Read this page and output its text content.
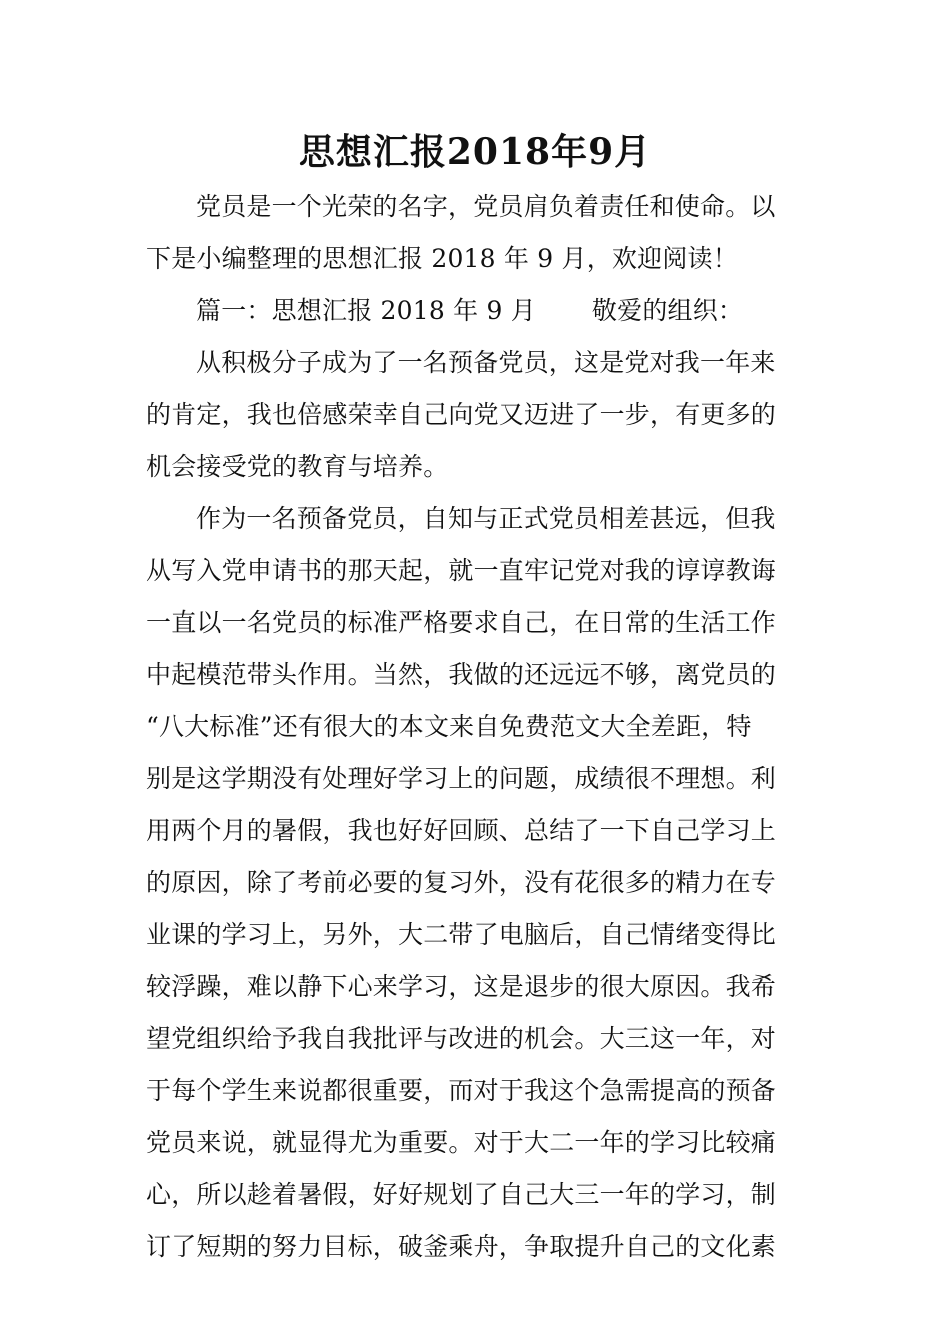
思想汇报2018年9月
党员是一个光荣的名字，党员肩负着责任和使命。以
下是小编整理的思想汇报 2018 年 9 月，欢迎阅读！
篇一：思想汇报 2018 年 9 月 敬爱的组织：
从积极分子成为了一名预备党员，这是党对我一年来
的肯定，我也倍感荣幸自己向党又迈进了一步，有更多的
机会接受党的教育与培养。
作为一名预备党员，自知与正式党员相差甚远，但我
从写入党申请书的那天起，就一直牢记党对我的谆谆教诲
一直以一名党员的标准严格要求自己，在日常的生活工作
中起模范带头作用。当然，我做的还远远不够，离党员的
“八大标准”还有很大的本文来自免费范文大全差距，特
别是这学期没有处理好学习上的问题，成绩很不理想。利
用两个月的暑假，我也好好回顾、总结了一下自己学习上
的原因，除了考前必要的复习外，没有花很多的精力在专
业课的学习上，另外，大二带了电脑后，自己情绪变得比
较浮躁，难以静下心来学习，这是退步的很大原因。我希
望党组织给予我自我批评与改进的机会。大三这一年，对
于每个学生来说都很重要，而对于我这个急需提高的预备
党员来说，就显得尤为重要。对于大二一年的学习比较痛
心，所以趁着暑假，好好规划了自己大三一年的学习，制
订了短期的努力目标，破釜乘舟，争取提升自己的文化素
